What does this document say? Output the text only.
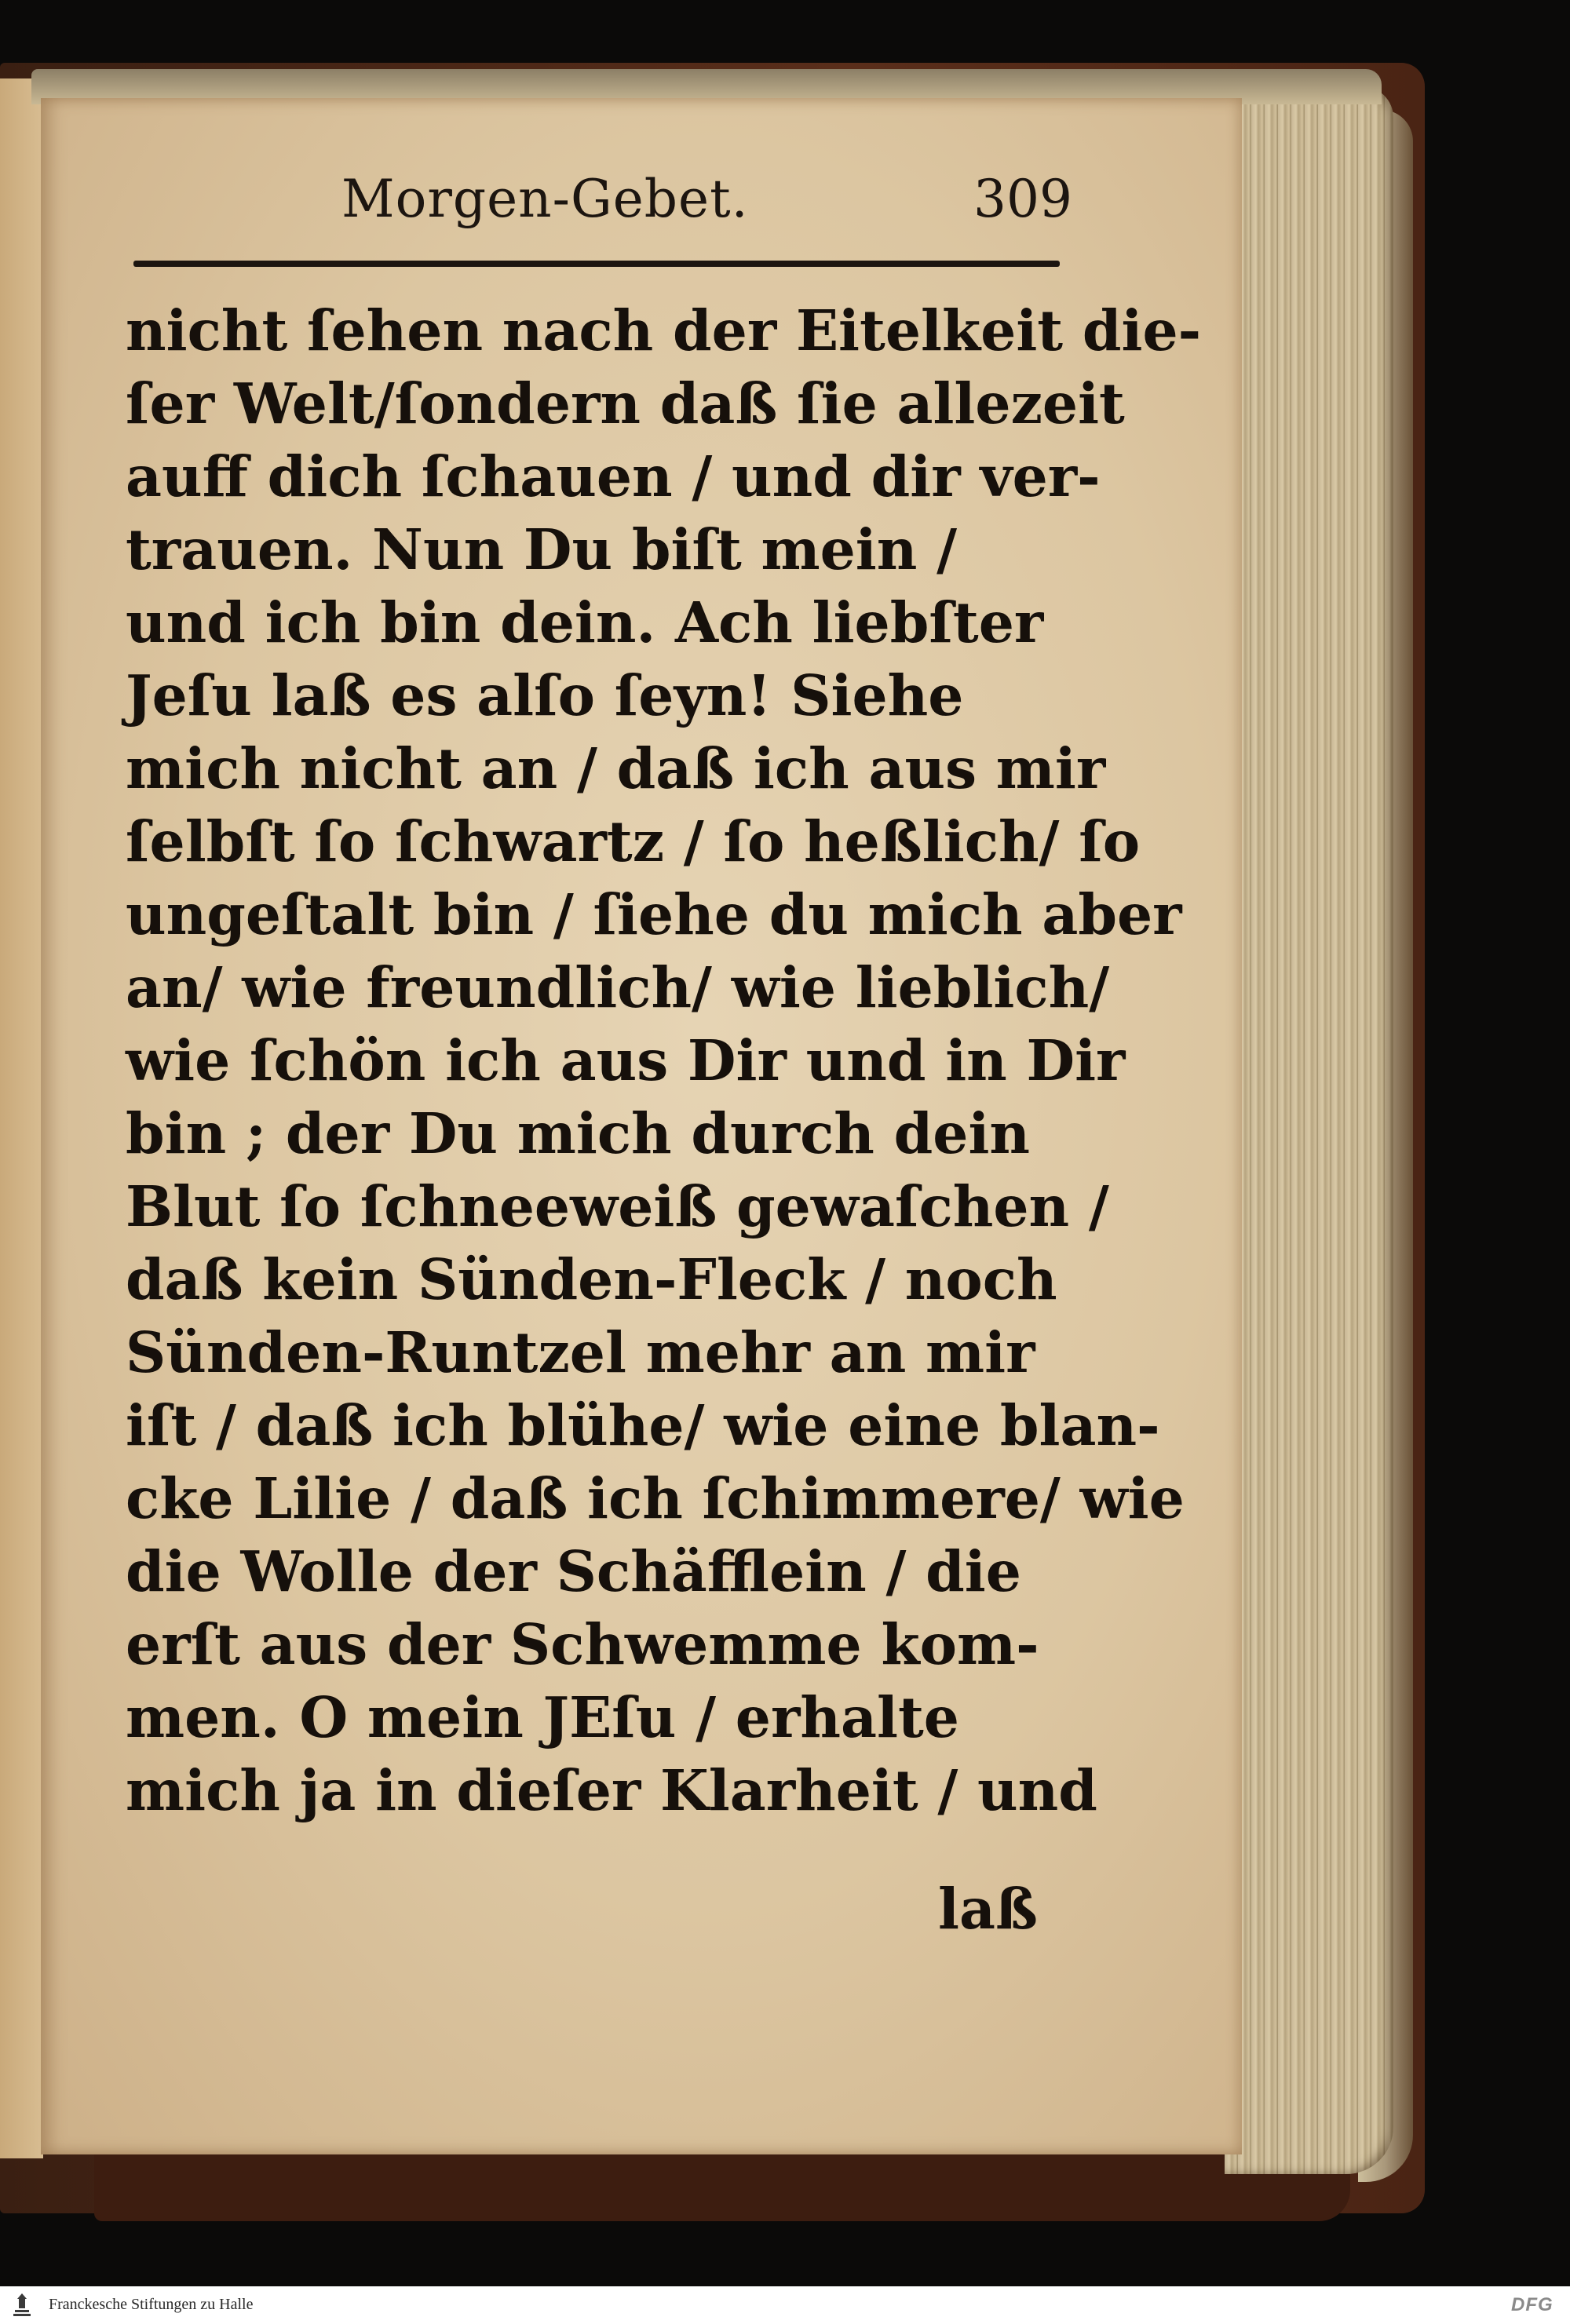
Morgen-Gebet.	309
nicht ſehen nach der Eitelkeit die-
ſer Welt/ſondern daß ſie allezeit
auff dich ſchauen / und dir ver-
trauen. Nun Du biſt mein /
und ich bin dein. Ach liebſter
Jeſu laß es alſo ſeyn! Siehe
mich nicht an / daß ich aus mir
ſelbſt ſo ſchwartz / ſo heßlich/ ſo
ungeſtalt bin / ſiehe du mich aber
an/ wie freundlich/ wie lieblich/
wie ſchön ich aus Dir und in Dir
bin ; der Du mich durch dein
Blut ſo ſchneeweiß gewaſchen /
daß kein Sünden-Fleck / noch
Sünden-Runtzel mehr an mir
iſt / daß ich blühe/ wie eine blan-
cke Lilie / daß ich ſchimmere/ wie
die Wolle der Schäfflein / die
erſt aus der Schwemme kom-
men. O mein JEſu / erhalte
mich ja in dieſer Klarheit / und
laß
Franckesche Stiftungen zu Halle	DFG
